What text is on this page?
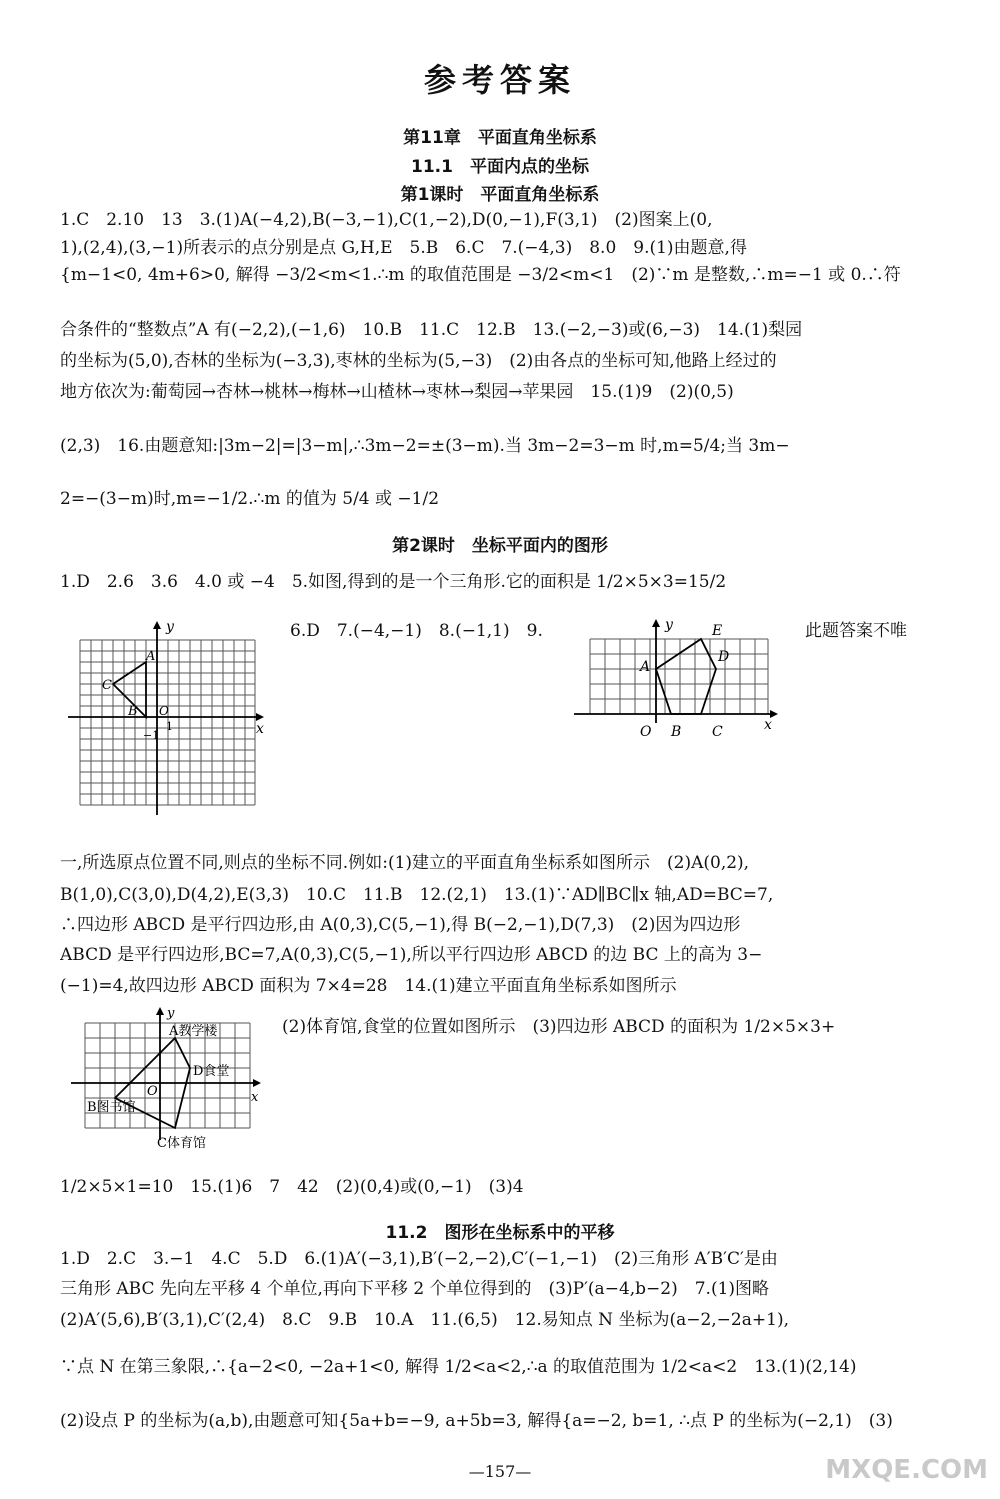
参考答案
第11章　平面直角坐标系
11.1　平面内点的坐标
第1课时　平面直角坐标系
1.C　2.10　13　3.(1)A(−4,2),B(−3,−1),C(1,−2),D(0,−1),F(3,1)　(2)图案上(0,
1),(2,4),(3,−1)所表示的点分别是点 G,H,E　5.B　6.C　7.(−4,3)　8.0　9.(1)由题意,得
{m−1<0, 4m+6>0, 解得 −3/2<m<1.∴m 的取值范围是 −3/2<m<1　(2)∵m 是整数,∴m=−1 或 0.∴符
合条件的“整数点”A 有(−2,2),(−1,6)　10.B　11.C　12.B　13.(−2,−3)或(6,−3)　14.(1)梨园
的坐标为(5,0),杏林的坐标为(−3,3),枣林的坐标为(5,−3)　(2)由各点的坐标可知,他路上经过的
地方依次为:葡萄园→杏林→桃林→梅林→山楂林→枣林→梨园→苹果园　15.(1)9　(2)(0,5)
(2,3)　16.由题意知:|3m−2|=|3−m|,∴3m−2=±(3−m).当 3m−2=3−m 时,m=5/4;当 3m−
2=−(3−m)时,m=−1/2.∴m 的值为 5/4 或 −1/2
第2课时　坐标平面内的图形
1.D　2.6　3.6　4.0 或 −4　5.如图,得到的是一个三角形.它的面积是 1/2×5×3=15/2
6.D　7.(−4,−1)　8.(−1,1)　9.	此题答案不唯
y
x
A
C
B O
1
−1
y
x
A
B C
D
E
O
一,所选原点位置不同,则点的坐标不同.例如:(1)建立的平面直角坐标系如图所示　(2)A(0,2),
B(1,0),C(3,0),D(4,2),E(3,3)　10.C　11.B　12.(2,1)　13.(1)∵AD∥BC∥x 轴,AD=BC=7,
∴四边形 ABCD 是平行四边形,由 A(0,3),C(5,−1),得 B(−2,−1),D(7,3)　(2)因为四边形
ABCD 是平行四边形,BC=7,A(0,3),C(5,−1),所以平行四边形 ABCD 的边 BC 上的高为 3−
(−1)=4,故四边形 ABCD 面积为 7×4=28　14.(1)建立平面直角坐标系如图所示
(2)体育馆,食堂的位置如图所示　(3)四边形 ABCD 的面积为 1/2×5×3+
y
x
O
A教学楼
D食堂
B图书馆
C体育馆
1/2×5×1=10　15.(1)6　7　42　(2)(0,4)或(0,−1)　(3)4
11.2　图形在坐标系中的平移
1.D　2.C　3.−1　4.C　5.D　6.(1)A′(−3,1),B′(−2,−2),C′(−1,−1)　(2)三角形 A′B′C′是由
三角形 ABC 先向左平移 4 个单位,再向下平移 2 个单位得到的　(3)P′(a−4,b−2)　7.(1)图略
(2)A′(5,6),B′(3,1),C′(2,4)　8.C　9.B　10.A　11.(6,5)　12.易知点 N 坐标为(a−2,−2a+1),
∵点 N 在第三象限,∴{a−2<0, −2a+1<0, 解得 1/2<a<2,∴a 的取值范围为 1/2<a<2　13.(1)(2,14)
(2)设点 P 的坐标为(a,b),由题意可知{5a+b=−9, a+5b=3, 解得{a=−2, b=1, ∴点 P 的坐标为(−2,1)　(3)
—157—	MXQE.COM
